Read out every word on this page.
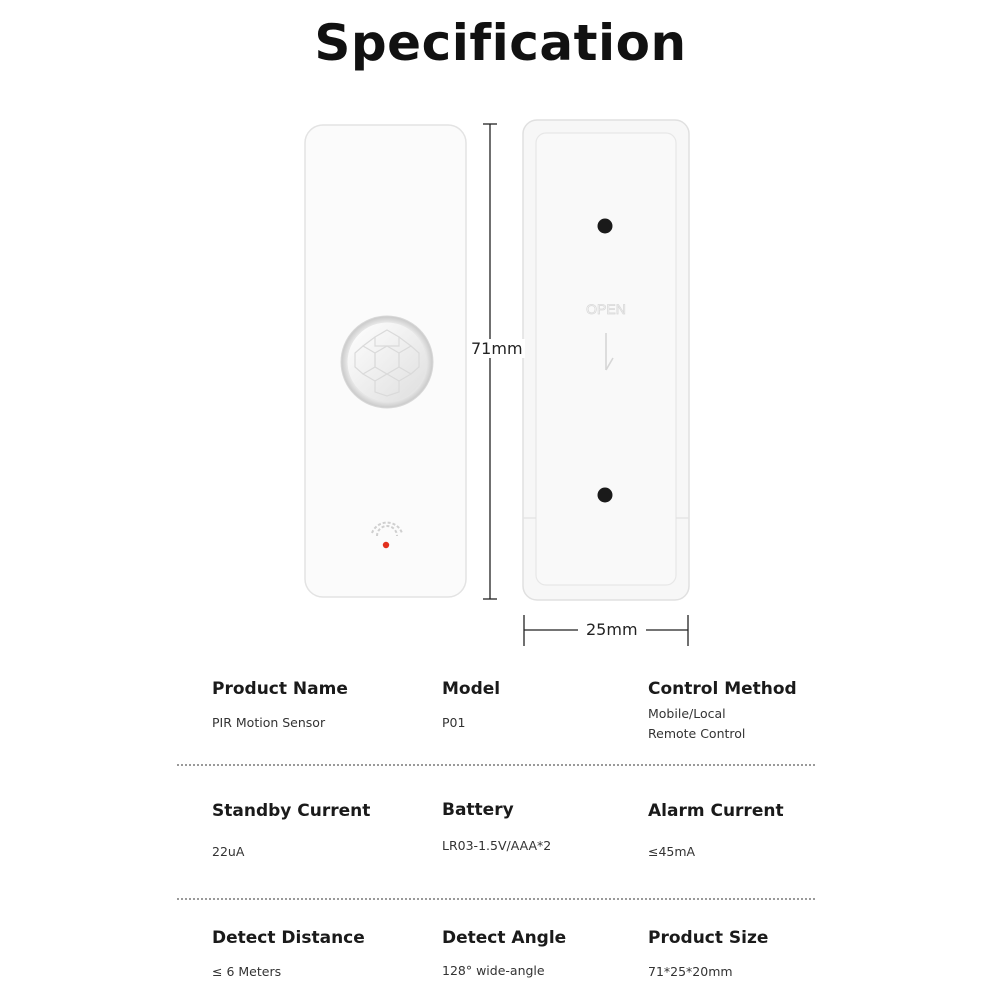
Specification
OPEN
71mm
25mm
Product Name
PIR Motion Sensor
Model
P01
Control Method
Mobile/Local
Remote Control
Standby Current
22uA
Battery
LR03-1.5V/AAA*2
Alarm Current
≤45mA
Detect Distance
≤ 6 Meters
Detect Angle
128° wide-angle
Product Size
71*25*20mm
